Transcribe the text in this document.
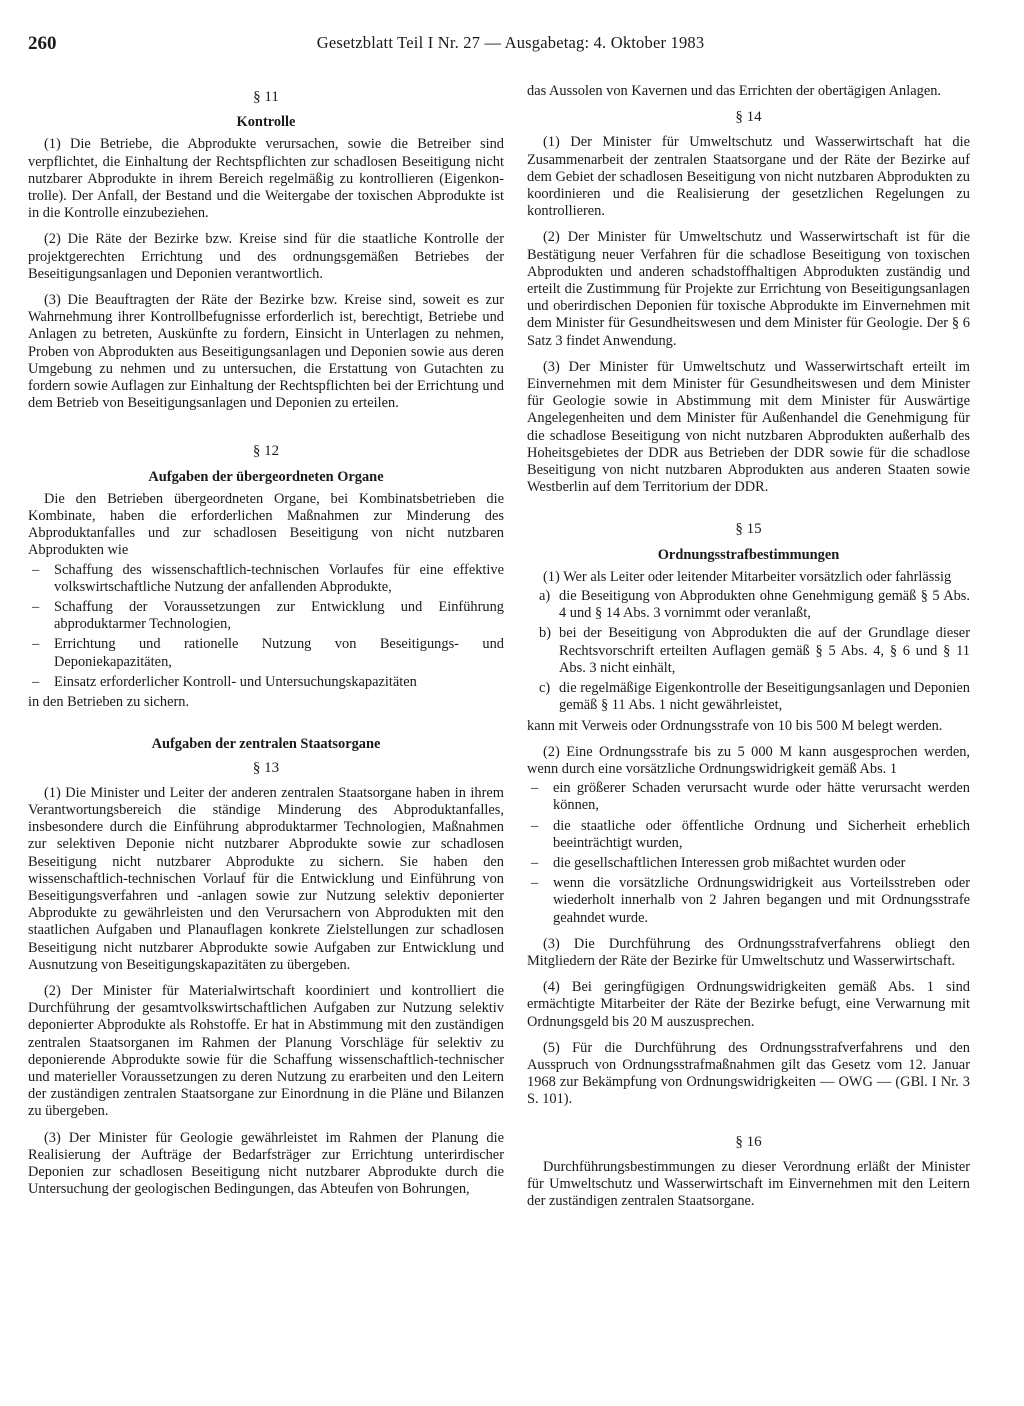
260	Gesetzblatt Teil I Nr. 27 — Ausgabetag: 4. Oktober 1983
§ 11
Kontrolle

(1) Die Betriebe, die Abprodukte verursachen, sowie die Betreiber sind verpflichtet, die Einhaltung der Rechtspflichten zur schadlosen Beseitigung nicht nutzbarer Abprodukte in ihrem Bereich regelmäßig zu kontrollieren (Eigenkontrolle). Der Anfall, der Bestand und die Weitergabe der toxischen Abprodukte ist in die Kontrolle einzubeziehen.

(2) Die Räte der Bezirke bzw. Kreise sind für die staatliche Kontrolle der projektgerechten Errichtung und des ordnungsgemäßen Betriebes der Beseitigungsanlagen und Deponien verantwortlich.

(3) Die Beauftragten der Räte der Bezirke bzw. Kreise sind, soweit es zur Wahrnehmung ihrer Kontrollbefugnisse erforderlich ist, berechtigt, Betriebe und Anlagen zu betreten, Auskünfte zu fordern, Einsicht in Unterlagen zu nehmen, Proben von Abprodukten aus Beseitigungsanlagen und Deponien sowie aus deren Umgebung zu nehmen und zu untersuchen, die Erstattung von Gutachten zu fordern sowie Auflagen zur Einhaltung der Rechtspflichten bei der Errichtung und dem Betrieb von Beseitigungsanlagen und Deponien zu erteilen.

§ 12
Aufgaben der übergeordneten Organe

Die den Betrieben übergeordneten Organe, bei Kombinatsbetrieben die Kombinate, haben die erforderlichen Maßnahmen zur Minderung des Abproduktanfalles und zur schadlosen Beseitigung von nicht nutzbaren Abprodukten wie

– Schaffung des wissenschaftlich-technischen Vorlaufes für eine effektive volkswirtschaftliche Nutzung der anfallenden Abprodukte,
– Schaffung der Voraussetzungen zur Entwicklung und Einführung abproduktarmer Technologien,
– Errichtung und rationelle Nutzung von Beseitigungs- und Deponiekapazitäten,
– Einsatz erforderlicher Kontroll- und Untersuchungskapazitäten

in den Betrieben zu sichern.

Aufgaben der zentralen Staatsorgane
§ 13

(1) Die Minister und Leiter der anderen zentralen Staatsorgane haben in ihrem Verantwortungsbereich die ständige Minderung des Abproduktanfalles, insbesondere durch die Einführung abproduktarmer Technologien, Maßnahmen zur selektiven Deponie nicht nutzbarer Abprodukte sowie zur schadlosen Beseitigung nicht nutzbarer Abprodukte zu sichern. Sie haben den wissenschaftlich-technischen Vorlauf für die Entwicklung und Einführung von Beseitigungsverfahren und -anlagen sowie zur Nutzung selektiv deponierter Abprodukte zu gewährleisten und den Verursachern von Abprodukten mit den staatlichen Aufgaben und Planauflagen konkrete Zielstellungen zur schadlosen Beseitigung nicht nutzbarer Abprodukte sowie Aufgaben zur Entwicklung und Ausnutzung von Beseitigungskapazitäten zu übergeben.

(2) Der Minister für Materialwirtschaft koordiniert und kontrolliert die Durchführung der gesamtvolkswirtschaftlichen Aufgaben zur Nutzung selektiv deponierter Abprodukte als Rohstoffe. Er hat in Abstimmung mit den zuständigen zentralen Staatsorganen im Rahmen der Planung Vorschläge für selektiv zu deponierende Abprodukte sowie für die Schaffung wissenschaftlich-technischer und materieller Voraussetzungen zu deren Nutzung zu erarbeiten und den Leitern der zuständigen zentralen Staatsorgane zur Einordnung in die Pläne und Bilanzen zu übergeben.

(3) Der Minister für Geologie gewährleistet im Rahmen der Planung die Realisierung der Aufträge der Bedarfsträger zur Errichtung unterirdischer Deponien zur schadlosen Beseitigung nicht nutzbarer Abprodukte durch die Untersuchung der geologischen Bedingungen, das Abteufen von Bohrungen,

das Aussolen von Kavernen und das Errichten der obertägigen Anlagen.

§ 14

(1) Der Minister für Umweltschutz und Wasserwirtschaft hat die Zusammenarbeit der zentralen Staatsorgane und der Räte der Bezirke auf dem Gebiet der schadlosen Beseitigung von nicht nutzbaren Abprodukten zu koordinieren und die Realisierung der gesetzlichen Regelungen zu kontrollieren.

(2) Der Minister für Umweltschutz und Wasserwirtschaft ist für die Bestätigung neuer Verfahren für die schadlose Beseitigung von toxischen Abprodukten und anderen schadstoffhaltigen Abprodukten zuständig und erteilt die Zustimmung für Projekte zur Errichtung von Beseitigungsanlagen und oberirdischen Deponien für toxische Abprodukte im Einvernehmen mit dem Minister für Gesundheitswesen und dem Minister für Geologie. Der § 6 Satz 3 findet Anwendung.

(3) Der Minister für Umweltschutz und Wasserwirtschaft erteilt im Einvernehmen mit dem Minister für Gesundheitswesen und dem Minister für Geologie sowie in Abstimmung mit dem Minister für Auswärtige Angelegenheiten und dem Minister für Außenhandel die Genehmigung für die schadlose Beseitigung von nicht nutzbaren Abprodukten außerhalb des Hoheitsgebietes der DDR aus Betrieben der DDR sowie für die schadlose Beseitigung von nicht nutzbaren Abprodukten aus anderen Staaten sowie Westberlin auf dem Territorium der DDR.

§ 15
Ordnungsstrafbestimmungen

(1) Wer als Leiter oder leitender Mitarbeiter vorsätzlich oder fahrlässig

a) die Beseitigung von Abprodukten ohne Genehmigung gemäß § 5 Abs. 4 und § 14 Abs. 3 vornimmt oder veranlaßt,
b) bei der Beseitigung von Abprodukten die auf der Grundlage dieser Rechtsvorschrift erteilten Auflagen gemäß § 5 Abs. 4, § 6 und § 11 Abs. 3 nicht einhält,
c) die regelmäßige Eigenkontrolle der Beseitigungsanlagen und Deponien gemäß § 11 Abs. 1 nicht gewährleistet,

kann mit Verweis oder Ordnungsstrafe von 10 bis 500 M belegt werden.

(2) Eine Ordnungsstrafe bis zu 5 000 M kann ausgesprochen werden, wenn durch eine vorsätzliche Ordnungswidrigkeit gemäß Abs. 1

– ein größerer Schaden verursacht wurde oder hätte verursacht werden können,
– die staatliche oder öffentliche Ordnung und Sicherheit erheblich beeinträchtigt wurden,
– die gesellschaftlichen Interessen grob mißachtet wurden oder
– wenn die vorsätzliche Ordnungswidrigkeit aus Vorteilsstreben oder wiederholt innerhalb von 2 Jahren begangen und mit Ordnungsstrafe geahndet wurde.

(3) Die Durchführung des Ordnungsstrafverfahrens obliegt den Mitgliedern der Räte der Bezirke für Umweltschutz und Wasserwirtschaft.

(4) Bei geringfügigen Ordnungswidrigkeiten gemäß Abs. 1 sind ermächtigte Mitarbeiter der Räte der Bezirke befugt, eine Verwarnung mit Ordnungsgeld bis 20 M auszusprechen.

(5) Für die Durchführung des Ordnungsstrafverfahrens und den Ausspruch von Ordnungsstrafmaßnahmen gilt das Gesetz vom 12. Januar 1968 zur Bekämpfung von Ordnungswidrigkeiten — OWG — (GBl. I Nr. 3 S. 101).

§ 16

Durchführungsbestimmungen zu dieser Verordnung erläßt der Minister für Umweltschutz und Wasserwirtschaft im Einvernehmen mit den Leitern der zuständigen zentralen Staatsorgane.
